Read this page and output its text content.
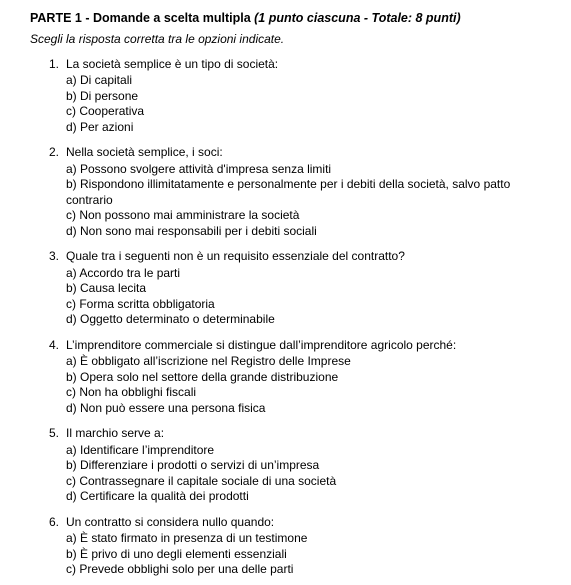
PARTE 1 - Domande a scelta multipla (1 punto ciascuna - Totale: 8 punti)

Scegli la risposta corretta tra le opzioni indicate.

1. La società semplice è un tipo di società:
a) Di capitali
b) Di persone
c) Cooperativa
d) Per azioni
2. Nella società semplice, i soci:
a) Possono svolgere attività d'impresa senza limiti
b) Rispondono illimitatamente e personalmente per i debiti della società, salvo patto contrario
c) Non possono mai amministrare la società
d) Non sono mai responsabili per i debiti sociali
3. Quale tra i seguenti non è un requisito essenziale del contratto?
a) Accordo tra le parti
b) Causa lecita
c) Forma scritta obbligatoria
d) Oggetto determinato o determinabile
4. L’imprenditore commerciale si distingue dall’imprenditore agricolo perché:
a) È obbligato all’iscrizione nel Registro delle Imprese
b) Opera solo nel settore della grande distribuzione
c) Non ha obblighi fiscali
d) Non può essere una persona fisica
5. Il marchio serve a:
a) Identificare l’imprenditore
b) Differenziare i prodotti o servizi di un’impresa
c) Contrassegnare il capitale sociale di una società
d) Certificare la qualità dei prodotti
6. Un contratto si considera nullo quando:
a) È stato firmato in presenza di un testimone
b) È privo di uno degli elementi essenziali
c) Prevede obblighi solo per una delle parti
